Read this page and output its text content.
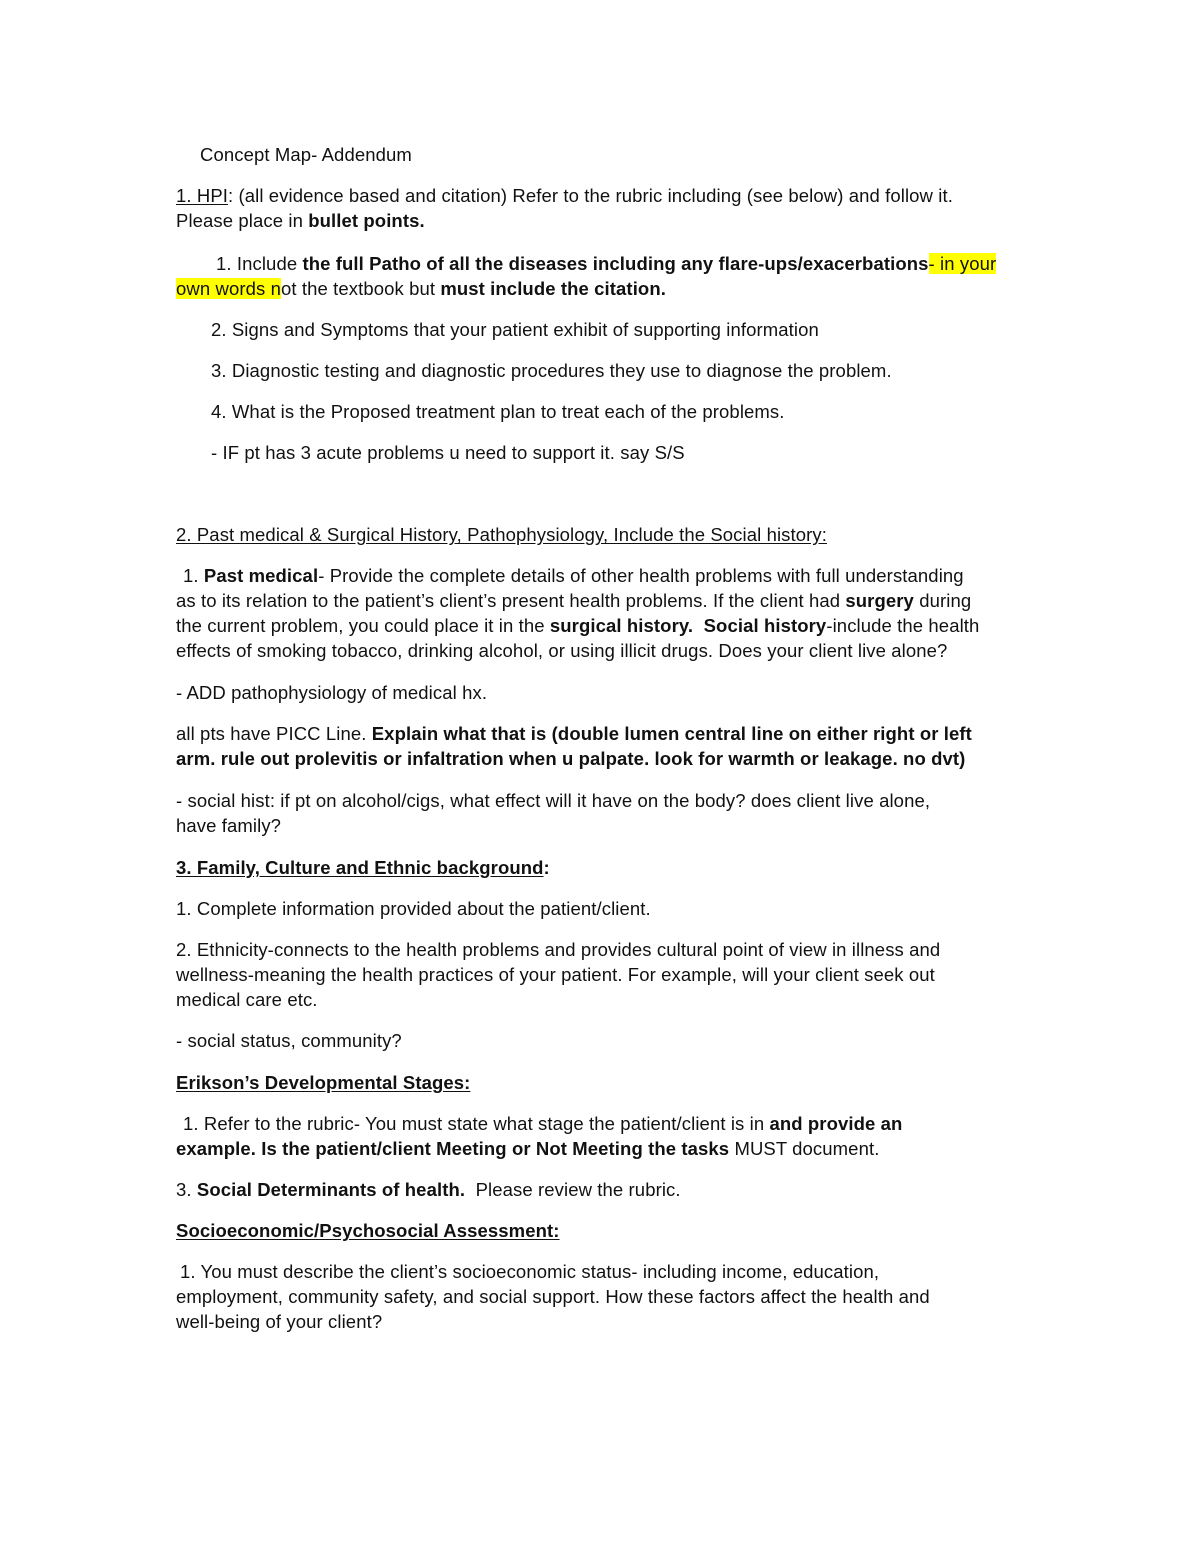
Concept Map- Addendum
1. HPI: (all evidence based and citation) Refer to the rubric including (see below) and follow it.
Please place in bullet points.
1. Include the full Patho of all the diseases including any flare-ups/exacerbations- in your
own words not the textbook but must include the citation.
2. Signs and Symptoms that your patient exhibit of supporting information
3. Diagnostic testing and diagnostic procedures they use to diagnose the problem.
4. What is the Proposed treatment plan to treat each of the problems.
- IF pt has 3 acute problems u need to support it. say S/S
2. Past medical & Surgical History, Pathophysiology, Include the Social history:
1. Past medical- Provide the complete details of other health problems with full understanding
as to its relation to the patient’s client’s present health problems. If the client had surgery during
the current problem, you could place it in the surgical history. Social history-include the health
effects of smoking tobacco, drinking alcohol, or using illicit drugs. Does your client live alone?
- ADD pathophysiology of medical hx.
all pts have PICC Line. Explain what that is (double lumen central line on either right or left
arm. rule out prolevitis or infaltration when u palpate. look for warmth or leakage. no dvt)
- social hist: if pt on alcohol/cigs, what effect will it have on the body? does client live alone,
have family?
3. Family, Culture and Ethnic background:
1. Complete information provided about the patient/client.
2. Ethnicity-connects to the health problems and provides cultural point of view in illness and
wellness-meaning the health practices of your patient. For example, will your client seek out
medical care etc.
- social status, community?
Erikson’s Developmental Stages:
1. Refer to the rubric- You must state what stage the patient/client is in and provide an
example. Is the patient/client Meeting or Not Meeting the tasks MUST document.
3. Social Determinants of health.  Please review the rubric.
Socioeconomic/Psychosocial Assessment:
1. You must describe the client’s socioeconomic status- including income, education,
employment, community safety, and social support. How these factors affect the health and
well-being of your client?
